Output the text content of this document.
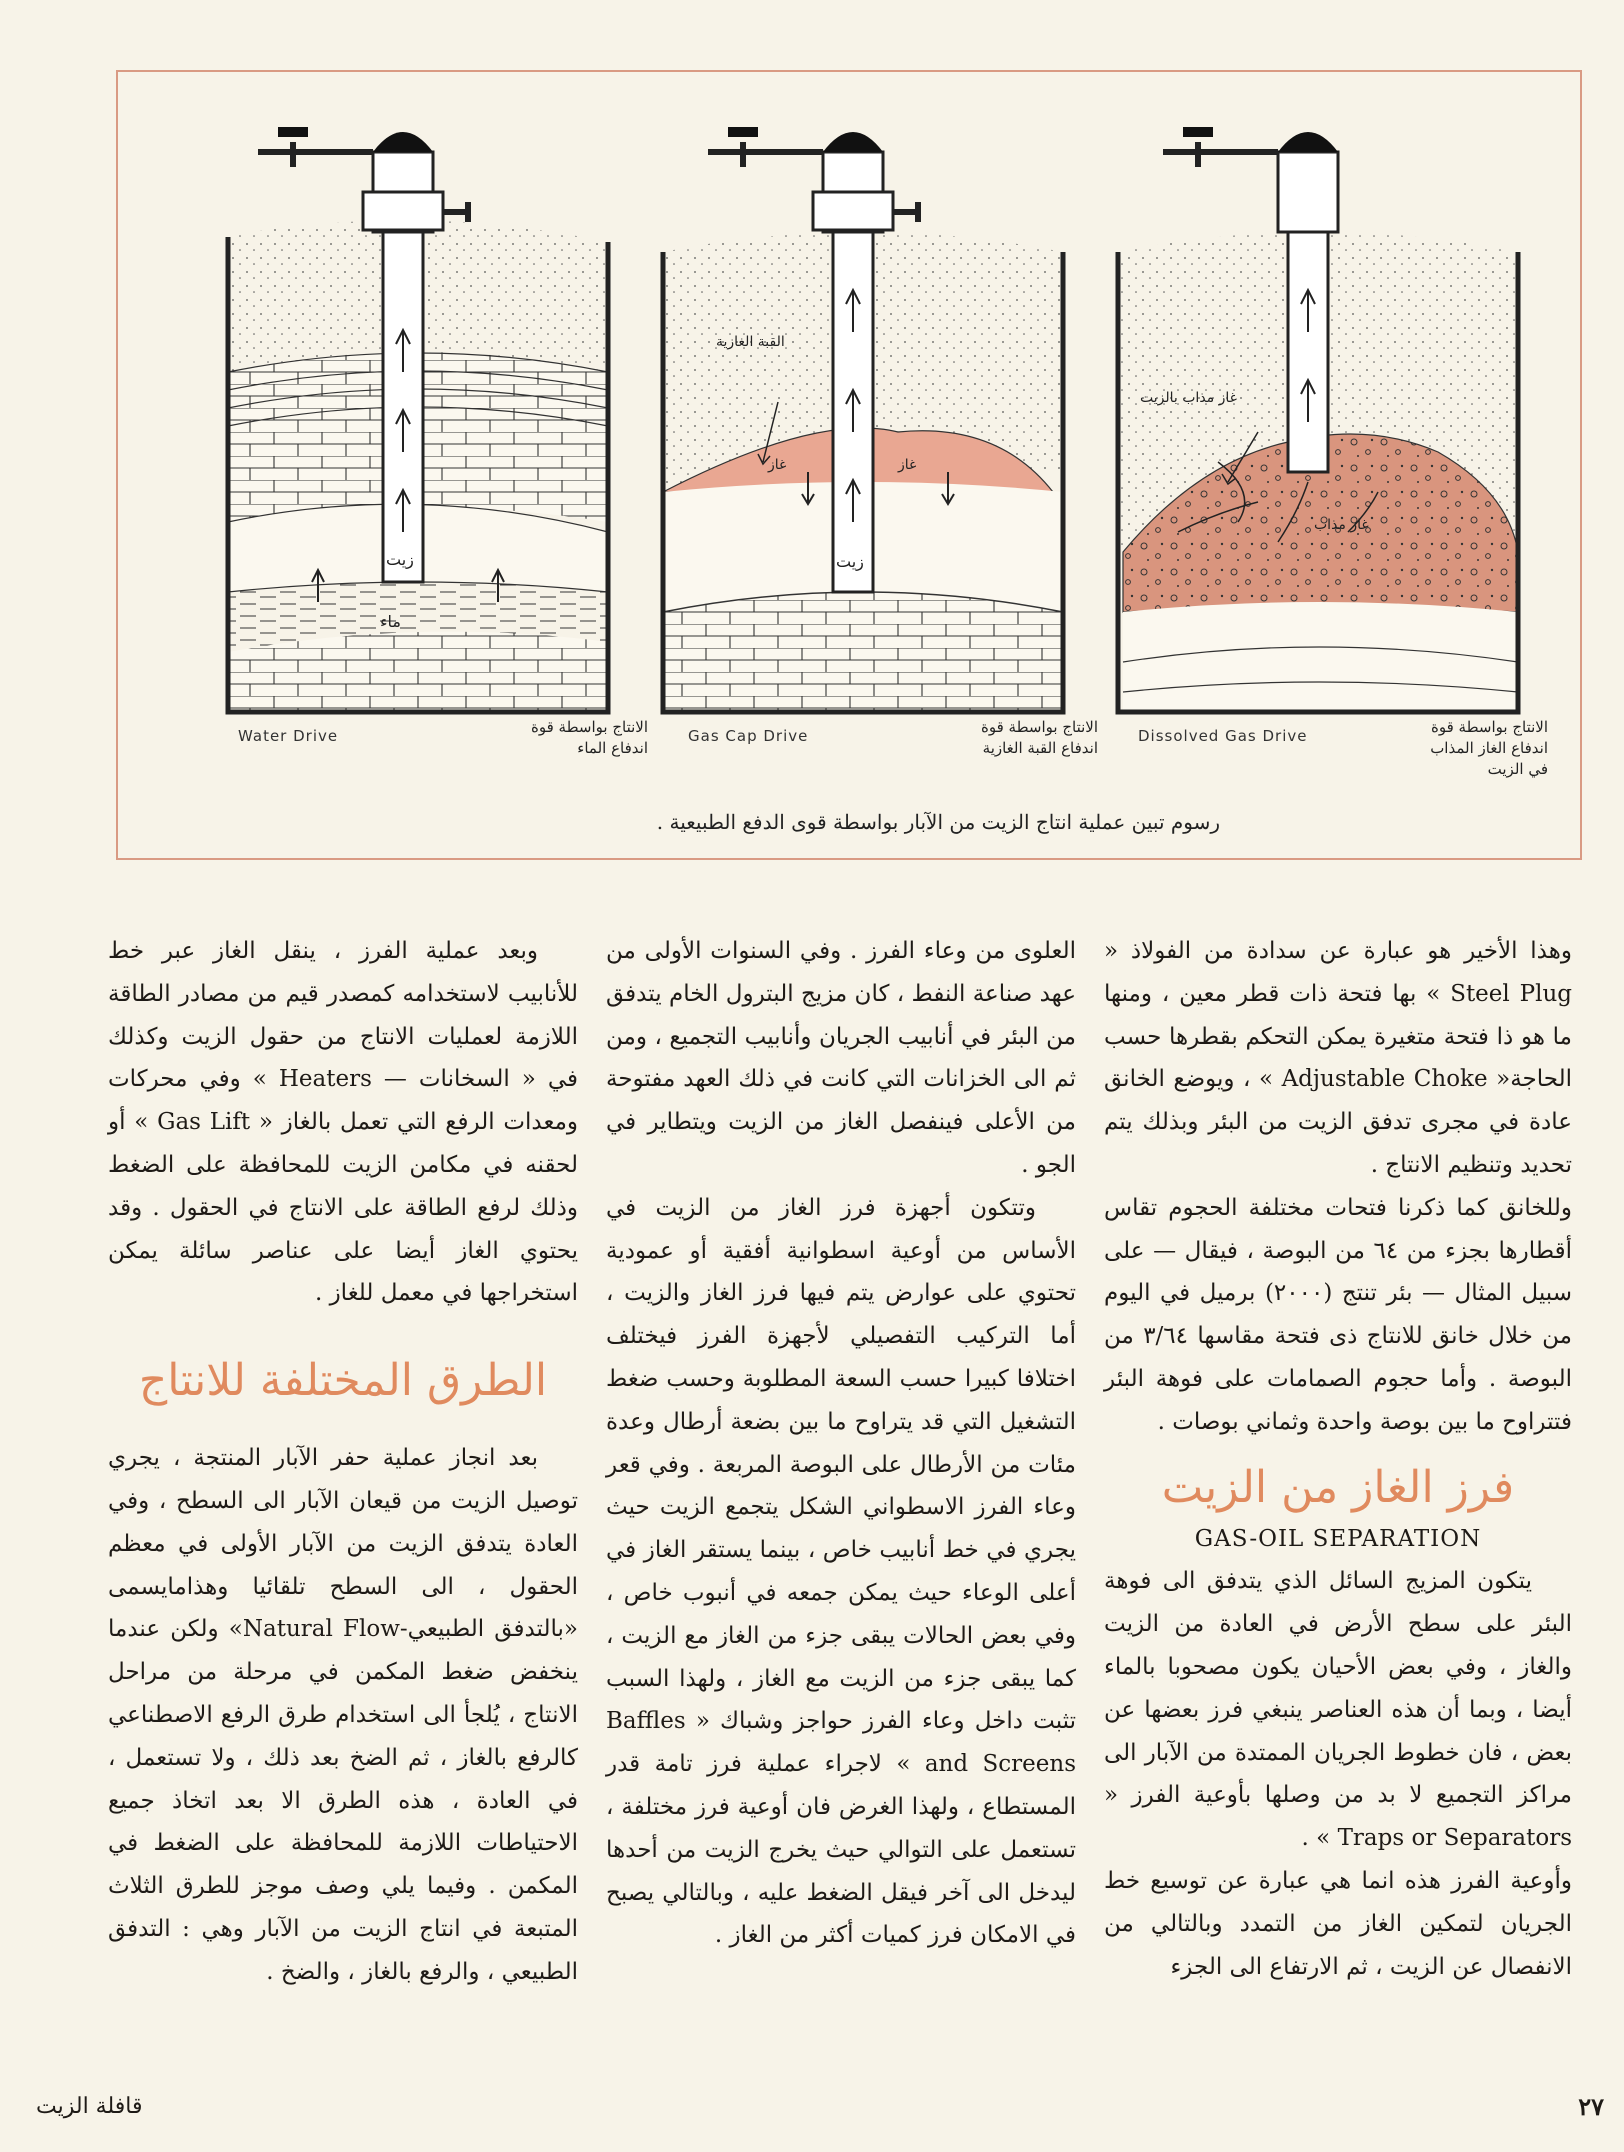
زيت
ماء
القبة الغازية
غاز	غاز
زيت
غاز مذاب بالزيت
غاز مذاب
Water Drive	الانتاج بواسطة قوة
اندفاع الماء
Gas Cap Drive	الانتاج بواسطة قوة
اندفاع القبة الغازية
Dissolved Gas Drive	الانتاج بواسطة قوة
اندفاع الغاز المذاب
في الزيت
رسوم تبين عملية انتاج الزيت من الآبار بواسطة قوى الدفع الطبيعية .

وهذا الأخير هو عبارة عن سدادة من الفولاذ « Steel Plug » بها فتحة ذات قطر معين ، ومنها ما هو ذا فتحة متغيرة يمكن التحكم بقطرها حسب الحاجة« Adjustable Choke » ، ويوضع الخانق عادة في مجرى تدفق الزيت من البئر وبذلك يتم تحديد وتنظيم الانتاج .

وللخانق كما ذكرنا فتحات مختلفة الحجوم تقاس أقطارها بجزء من ٦٤ من البوصة ، فيقال — على سبيل المثال — بئر تنتج (٢٠٠٠) برميل في اليوم من خلال خانق للانتاج ذى فتحة مقاسها ٣/٦٤ من البوصة . وأما حجوم الصمامات على فوهة البئر فتتراوح ما بين بوصة واحدة وثماني بوصات .

فرز الغاز من الزيت
GAS-OIL SEPARATION

يتكون المزيج السائل الذي يتدفق الى فوهة البئر على سطح الأرض في العادة من الزيت والغاز ، وفي بعض الأحيان يكون مصحوبا بالماء أيضا ، وبما أن هذه العناصر ينبغي فرز بعضها عن بعض ، فان خطوط الجريان الممتدة من الآبار الى مراكز التجميع لا بد من وصلها بأوعية الفرز « Traps or Separators » .

وأوعية الفرز هذه انما هي عبارة عن توسيع خط الجريان لتمكين الغاز من التمدد وبالتالي من الانفصال عن الزيت ، ثم الارتفاع الى الجزء

العلوى من وعاء الفرز . وفي السنوات الأولى من عهد صناعة النفط ، كان مزيج البترول الخام يتدفق من البئر في أنابيب الجريان وأنابيب التجميع ، ومن ثم الى الخزانات التي كانت في ذلك العهد مفتوحة من الأعلى فينفصل الغاز من الزيت ويتطاير في الجو .

وتتكون أجهزة فرز الغاز من الزيت في الأساس من أوعية اسطوانية أفقية أو عمودية تحتوي على عوارض يتم فيها فرز الغاز والزيت ، أما التركيب التفصيلي لأجهزة الفرز فيختلف اختلافا كبيرا حسب السعة المطلوبة وحسب ضغط التشغيل التي قد يتراوح ما بين بضعة أرطال وعدة مئات من الأرطال على البوصة المربعة . وفي قعر وعاء الفرز الاسطواني الشكل يتجمع الزيت حيث يجري في خط أنابيب خاص ، بينما يستقر الغاز في أعلى الوعاء حيث يمكن جمعه في أنبوب خاص ، وفي بعض الحالات يبقى جزء من الغاز مع الزيت ، كما يبقى جزء من الزيت مع الغاز ، ولهذا السبب تثبت داخل وعاء الفرز حواجز وشباك « Baffles and Screens » لاجراء عملية فرز تامة قدر المستطاع ، ولهذا الغرض فان أوعية فرز مختلفة ، تستعمل على التوالي حيث يخرج الزيت من أحدها ليدخل الى آخر فيقل الضغط عليه ، وبالتالي يصبح في الامكان فرز كميات أكثر من الغاز .

وبعد عملية الفرز ، ينقل الغاز عبر خط للأنابيب لاستخدامه كمصدر قيم من مصادر الطاقة اللازمة لعمليات الانتاج من حقول الزيت وكذلك في « السخانات — Heaters » وفي محركات ومعدات الرفع التي تعمل بالغاز « Gas Lift » أو لحقنه في مكامن الزيت للمحافظة على الضغط وذلك لرفع الطاقة على الانتاج في الحقول . وقد يحتوي الغاز أيضا على عناصر سائلة يمكن استخراجها في معمل للغاز .

الطرق المختلفة للانتاج

بعد انجاز عملية حفر الآبار المنتجة ، يجري توصيل الزيت من قيعان الآبار الى السطح ، وفي العادة يتدفق الزيت من الآبار الأولى في معظم الحقول ، الى السطح تلقائيا وهذامايسمى «بالتدفق الطبيعي-Natural Flow» ولكن عندما ينخفض ضغط المكمن في مرحلة من مراحل الانتاج ، يُلجأ الى استخدام طرق الرفع الاصطناعي كالرفع بالغاز ، ثم الضخ بعد ذلك ، ولا تستعمل ، في العادة ، هذه الطرق الا بعد اتخاذ جميع الاحتياطات اللازمة للمحافظة على الضغط في المكمن . وفيما يلي وصف موجز للطرق الثلاث المتبعة في انتاج الزيت من الآبار وهي : التدفق الطبيعي ، والرفع بالغاز ، والضخ .

٢٧
قافلة الزيت
